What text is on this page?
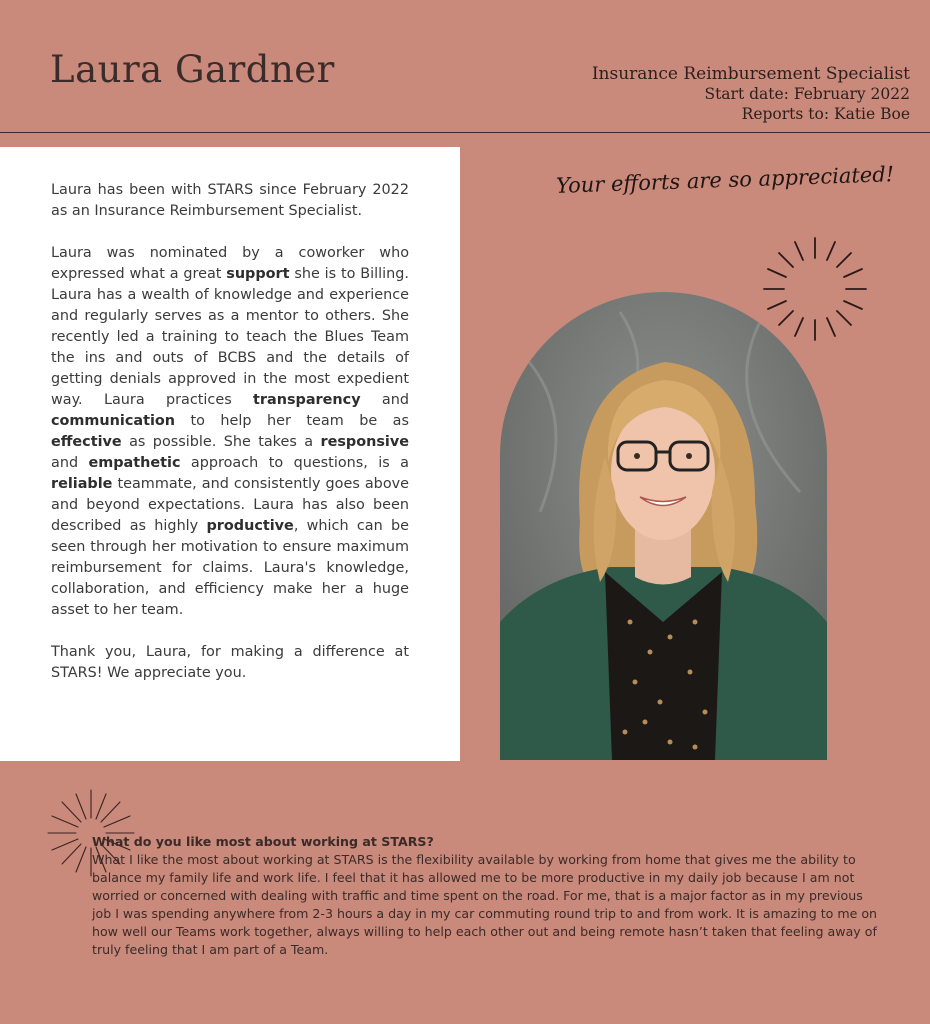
Laura Gardner	Insurance Reimbursement Specialist
Start date: February 2022
Reports to: Katie Boe

Laura has been with STARS since February 2022 as an Insurance Reimbursement Specialist.

Laura was nominated by a coworker who expressed what a great support she is to Billing. Laura has a wealth of knowledge and experience and regularly serves as a mentor to others. She recently led a training to teach the Blues Team the ins and outs of BCBS and the details of getting denials approved in the most expedient way. Laura practices transparency and communication to help her team be as effective as possible. She takes a responsive and empathetic approach to questions, is a reliable teammate, and consistently goes above and beyond expectations. Laura has also been described as highly productive, which can be seen through her motivation to ensure maximum reimbursement for claims. Laura's knowledge, collaboration, and efficiency make her a huge asset to her team.

Thank you, Laura, for making a difference at STARS! We appreciate you.

Your efforts are so appreciated!
What do you like most about working at STARS?
What I like the most about working at STARS is the flexibility available by working from home that gives me the ability to balance my family life and work life. I feel that it has allowed me to be more productive in my daily job because I am not worried or concerned with dealing with traffic and time spent on the road. For me, that is a major factor as in my previous job I was spending anywhere from 2-3 hours a day in my car commuting round trip to and from work. It is amazing to me on how well our Teams work together, always willing to help each other out and being remote hasn’t taken that feeling away of truly feeling that I am part of a Team.
